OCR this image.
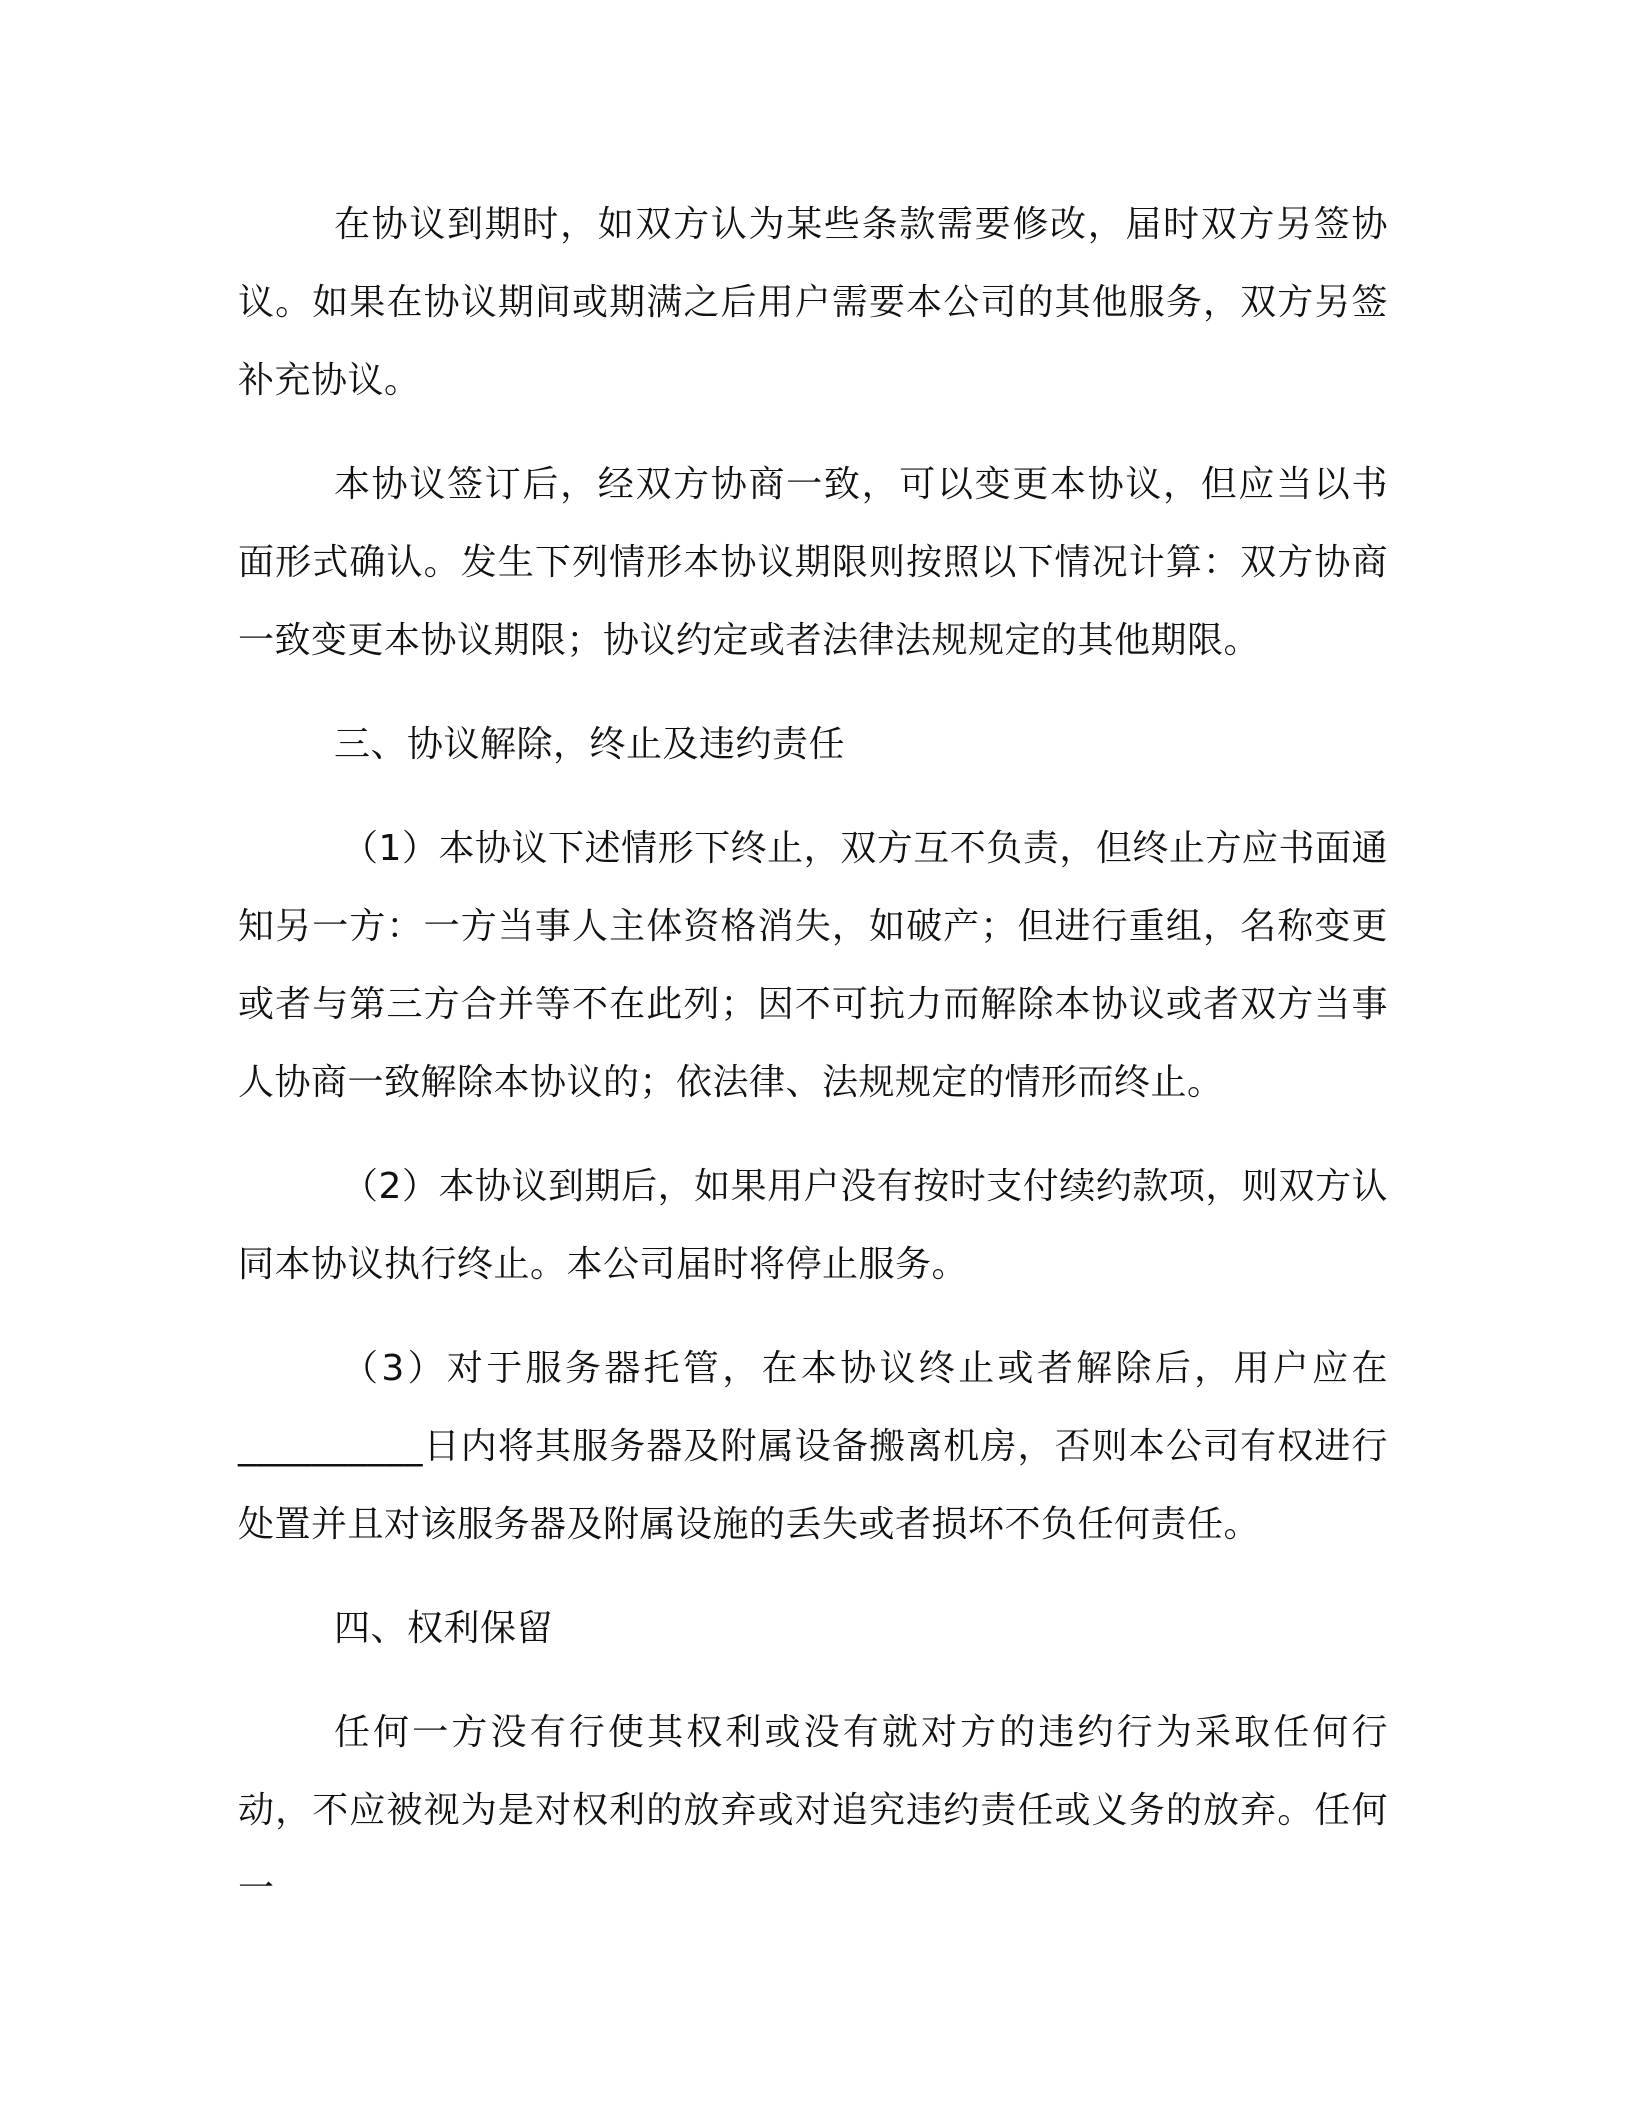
在协议到期时，如双方认为某些条款需要修改，届时双方另签协议。如果在协议期间或期满之后用户需要本公司的其他服务，双方另签补充协议。

本协议签订后，经双方协商一致，可以变更本协议，但应当以书面形式确认。发生下列情形本协议期限则按照以下情况计算：双方协商一致变更本协议期限；协议约定或者法律法规规定的其他期限。

三、协议解除，终止及违约责任

（1）本协议下述情形下终止，双方互不负责，但终止方应书面通知另一方：一方当事人主体资格消失，如破产；但进行重组，名称变更或者与第三方合并等不在此列；因不可抗力而解除本协议或者双方当事人协商一致解除本协议的；依法律、法规规定的情形而终止。

（2）本协议到期后，如果用户没有按时支付续约款项，则双方认同本协议执行终止。本公司届时将停止服务。

（3）对于服务器托管，在本协议终止或者解除后，用户应在__________日内将其服务器及附属设备搬离机房，否则本公司有权进行处置并且对该服务器及附属设施的丢失或者损坏不负任何责任。

四、权利保留

任何一方没有行使其权利或没有就对方的违约行为采取任何行动，不应被视为是对权利的放弃或对追究违约责任或义务的放弃。任何一
